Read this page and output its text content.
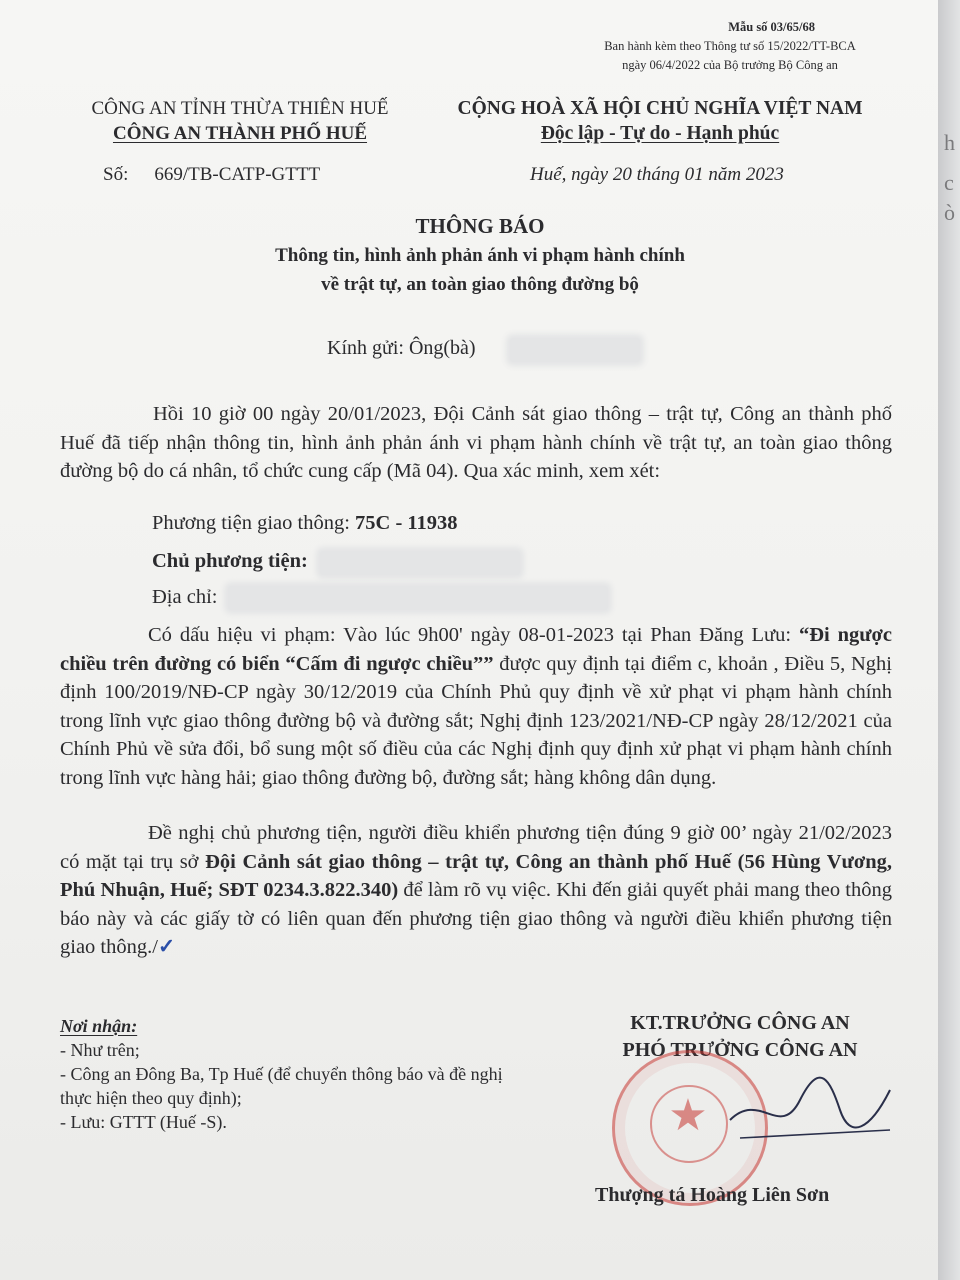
Mẫu số 03/65/68
Ban hành kèm theo Thông tư số 15/2022/TT-BCA
ngày 06/4/2022 của Bộ trưởng Bộ Công an
CÔNG AN TỈNH THỪA THIÊN HUẾ
CÔNG AN THÀNH PHỐ HUẾ
CỘNG HOÀ XÃ HỘI CHỦ NGHĨA VIỆT NAM
Độc lập - Tự do - Hạnh phúc
Số: 669/TB-CATP-GTTT	Huế, ngày 20 tháng 01 năm 2023
THÔNG BÁO
Thông tin, hình ảnh phản ánh vi phạm hành chính
về trật tự, an toàn giao thông đường bộ
Kính gửi: Ông(bà)
Hồi 10 giờ 00 ngày 20/01/2023, Đội Cảnh sát giao thông – trật tự, Công an thành phố Huế đã tiếp nhận thông tin, hình ảnh phản ánh vi phạm hành chính về trật tự, an toàn giao thông đường bộ do cá nhân, tổ chức cung cấp (Mã 04). Qua xác minh, xem xét:
Phương tiện giao thông: 75C - 11938
Chủ phương tiện:
Địa chỉ:
Có dấu hiệu vi phạm: Vào lúc 9h00' ngày 08-01-2023 tại Phan Đăng Lưu: “Đi ngược chiều trên đường có biển “Cấm đi ngược chiều”” được quy định tại điểm c, khoản , Điều 5, Nghị định 100/2019/NĐ-CP ngày 30/12/2019 của Chính Phủ quy định về xử phạt vi phạm hành chính trong lĩnh vực giao thông đường bộ và đường sắt; Nghị định 123/2021/NĐ-CP ngày 28/12/2021 của Chính Phủ về sửa đổi, bổ sung một số điều của các Nghị định quy định xử phạt vi phạm hành chính trong lĩnh vực hàng hải; giao thông đường bộ, đường sắt; hàng không dân dụng.
Đề nghị chủ phương tiện, người điều khiển phương tiện đúng 9 giờ 00’ ngày 21/02/2023 có mặt tại trụ sở Đội Cảnh sát giao thông – trật tự, Công an thành phố Huế (56 Hùng Vương, Phú Nhuận, Huế; SĐT 0234.3.822.340) để làm rõ vụ việc. Khi đến giải quyết phải mang theo thông báo này và các giấy tờ có liên quan đến phương tiện giao thông và người điều khiển phương tiện giao thông./✓
Nơi nhận:
- Như trên;
- Công an Đông Ba, Tp Huế (để chuyển thông báo và đề nghị thực hiện theo quy định);
- Lưu: GTTT (Huế -S).
KT.TRƯỞNG CÔNG AN
PHÓ TRƯỞNG CÔNG AN
★
Thượng tá Hoàng Liên Sơn
h
c
ò
